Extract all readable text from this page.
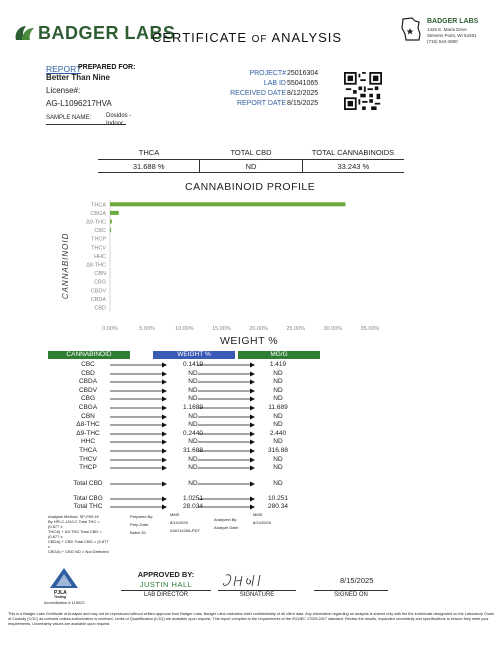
BADGER LABS
CERTIFICATE OF ANALYSIS
BADGER LABS
1426 E. Maria Drive
Stevens Point, WI 54481
(715) 544-4900
REPORT
PREPARED FOR:
Better Than Nine
License#:
AG-L1096217HVA
PROJECT# 25016304
LAB ID 55041065
RECEIVED DATE 8/12/2025
REPORT DATE 8/15/2025
SAMPLE NAME: Dosidos -
Indoor
THCA	TOTAL CBD	TOTAL CANNABINOIDS
31.688 %	ND	33.243 %
CANNABINOID PROFILE
THCA
CBGA
Δ9-THC
CBC
THCP
THCV
HHC
Δ8-THC
CBN
CBG
CBDV
CBDA
CBD
0.00%	5.00%	10.00%	15.00%	20.00%	25.00%	30.00%	35.00%
CANNABINOID
WEIGHT %
CANNABINOID	WEIGHT %	MG/G
CBC	0.1419	1.419
CBD	ND	ND
CBDA	ND	ND
CBDV	ND	ND
CBG	ND	ND
CBGA	1.1689	11.689
CBN	ND	ND
Δ8-THC	ND	ND
Δ9-THC	0.2440	2.440
HHC	ND	ND
THCA	31.688	316.88
THCV	ND	ND
THCP	ND	ND
Total CBD	ND	ND
Total CBG	1.0251	10.251
Total THC	28.034	280.34
Analysis Method: SP-P09-Hi
By HPLC-UV/LC Total THC = (0.877 x
THCA) + Δ9-THC Total CBD = (0.877 x
CBDA) + CBD Total CBG = (0.877 x
CBGA) + CBG ND = Not Detected
Prepared By:
Prep Date:
Batch ID:
MMS
8/14/2025
AI4G1425A-PDT
Analyzed By:
Analyze Date:
MMS
8/14/2025
PJLA
Testing
Accreditation # 115022
APPROVED BY:
JUSTIN HALL
LAB DIRECTOR	SIGNATURE
8/15/2025
SIGNED ON
This is a Badger Labs Certificate of Analysis and may not be reproduced without written approval from Badger Labs. Badger Labs maintains strict confidentiality of all client data. Any information regarding an analysis is shared only with the the individuals designated on the Laboratory Chain of Custody (COC) as contacts unless authorization is received. Limits of Quantification (LOQ) are available upon request. This report complies to the requirements of the ISO/IEC 17025:2017 standard. Review the results, expanded uncertainty and specifications to ensure they meet your requirements. Uncertainty values are available upon request.
